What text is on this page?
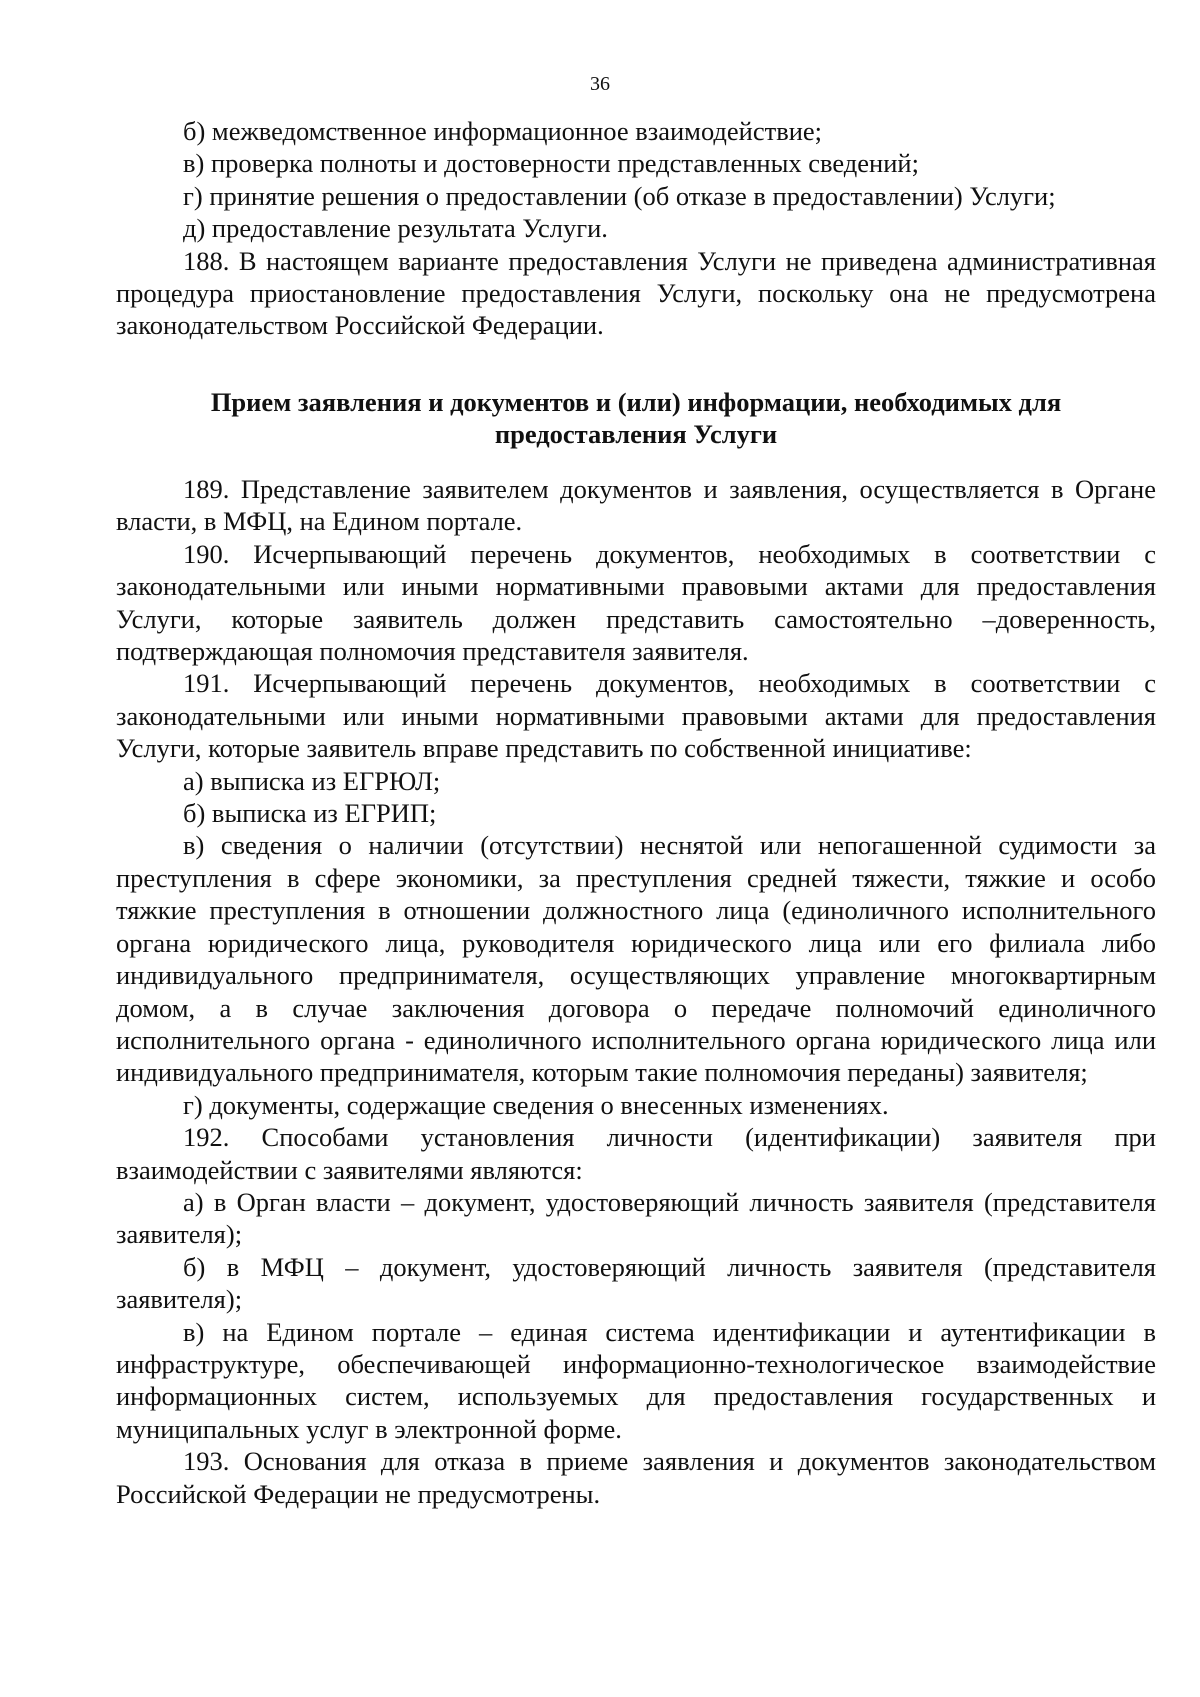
36

б) межведомственное информационное взаимодействие;

в) проверка полноты и достоверности представленных сведений;

г) принятие решения о предоставлении (об отказе в предоставлении) Услуги;

д) предоставление результата Услуги.

188. В настоящем варианте предоставления Услуги не приведена административная процедура приостановление предоставления Услуги, поскольку она не предусмотрена законодательством Российской Федерации.

Прием заявления и документов и (или) информации, необходимых для
предоставления Услуги

189. Представление заявителем документов и заявления, осуществляется в Органе власти, в МФЦ, на Едином портале.

190. Исчерпывающий перечень документов, необходимых в соответствии с законодательными или иными нормативными правовыми актами для предоставления Услуги, которые заявитель должен представить самостоятельно –доверенность, подтверждающая полномочия представителя заявителя.

191. Исчерпывающий перечень документов, необходимых в соответствии с законодательными или иными нормативными правовыми актами для предоставления Услуги, которые заявитель вправе представить по собственной инициативе:

а) выписка из ЕГРЮЛ;

б) выписка из ЕГРИП;

в) сведения о наличии (отсутствии) неснятой или непогашенной судимости за преступления в сфере экономики, за преступления средней тяжести, тяжкие и особо тяжкие преступления в отношении должностного лица (единоличного исполнительного органа юридического лица, руководителя юридического лица или его филиала либо индивидуального предпринимателя, осуществляющих управление многоквартирным домом, а в случае заключения договора о передаче полномочий единоличного исполнительного органа - единоличного исполнительного органа юридического лица или индивидуального предпринимателя, которым такие полномочия переданы) заявителя;

г) документы, содержащие сведения о внесенных изменениях.

192. Способами установления личности (идентификации) заявителя при взаимодействии с заявителями являются:

а) в Орган власти – документ, удостоверяющий личность заявителя (представителя заявителя);

б) в МФЦ – документ, удостоверяющий личность заявителя (представителя заявителя);

в) на Едином портале – единая система идентификации и аутентификации в инфраструктуре, обеспечивающей информационно-технологическое взаимодействие информационных систем, используемых для предоставления государственных и муниципальных услуг в электронной форме.

193. Основания для отказа в приеме заявления и документов законодательством Российской Федерации не предусмотрены.
